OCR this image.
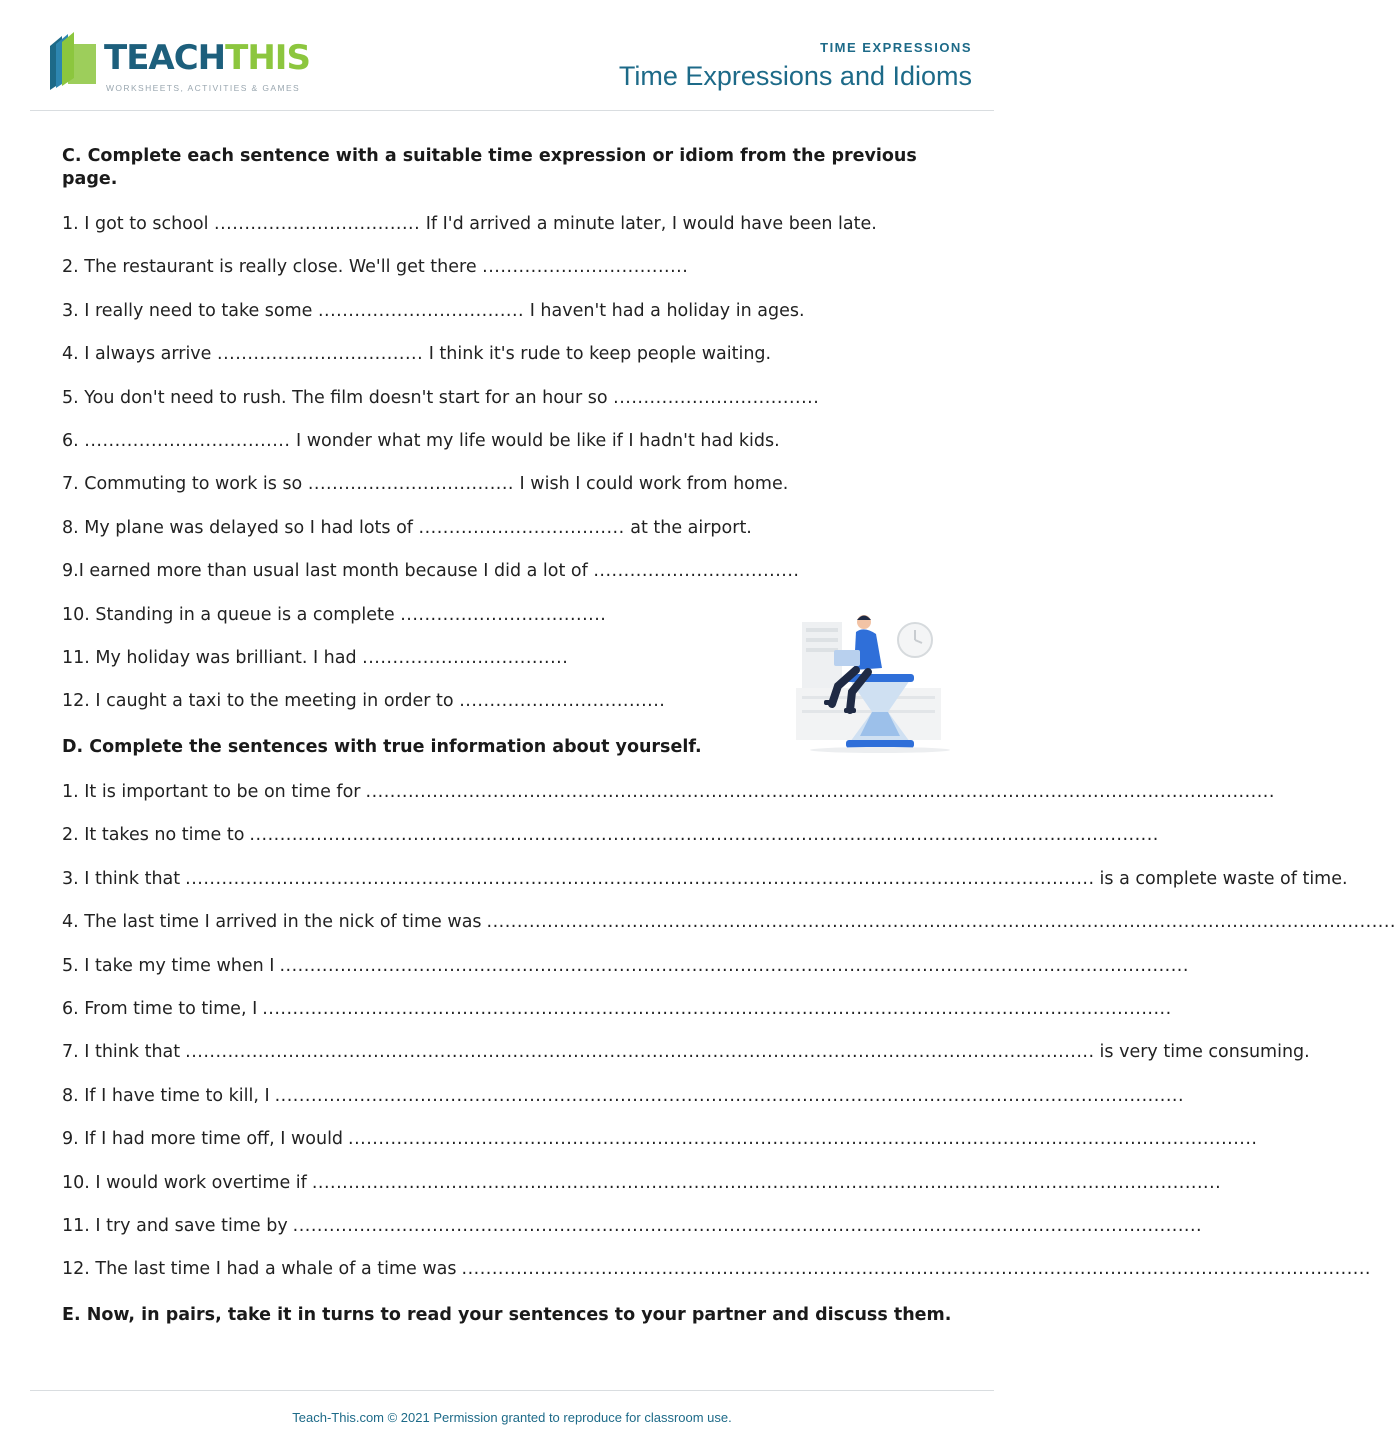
TEACHTHIS
WORKSHEETS, ACTIVITIES & GAMES
TIME EXPRESSIONS
Time Expressions and Idioms
C. Complete each sentence with a suitable time expression or idiom from the previous page.
1. I got to school .................................. If I'd arrived a minute later, I would have been late.
2. The restaurant is really close. We'll get there ..................................
3. I really need to take some .................................. I haven't had a holiday in ages.
4. I always arrive .................................. I think it's rude to keep people waiting.
5. You don't need to rush. The film doesn't start for an hour so ..................................
6. .................................. I wonder what my life would be like if I hadn't had kids.
7. Commuting to work is so .................................. I wish I could work from home.
8. My plane was delayed so I had lots of .................................. at the airport.
9.I earned more than usual last month because I did a lot of ..................................
10. Standing in a queue is a complete ..................................
11. My holiday was brilliant. I had ..................................
12. I caught a taxi to the meeting in order to ..................................
D. Complete the sentences with true information about yourself.
1. It is important to be on time for ......................................................................................................................................................
2. It takes no time to ......................................................................................................................................................
3. I think that ...................................................................................................................................................... is a complete waste of time.
4. The last time I arrived in the nick of time was ......................................................................................................................................................
5. I take my time when I ......................................................................................................................................................
6. From time to time, I ......................................................................................................................................................
7. I think that ...................................................................................................................................................... is very time consuming.
8. If I have time to kill, I ......................................................................................................................................................
9. If I had more time off, I would ......................................................................................................................................................
10. I would work overtime if ......................................................................................................................................................
11. I try and save time by ......................................................................................................................................................
12. The last time I had a whale of a time was ......................................................................................................................................................
E. Now, in pairs, take it in turns to read your sentences to your partner and discuss them.
Teach-This.com © 2021 Permission granted to reproduce for classroom use.
